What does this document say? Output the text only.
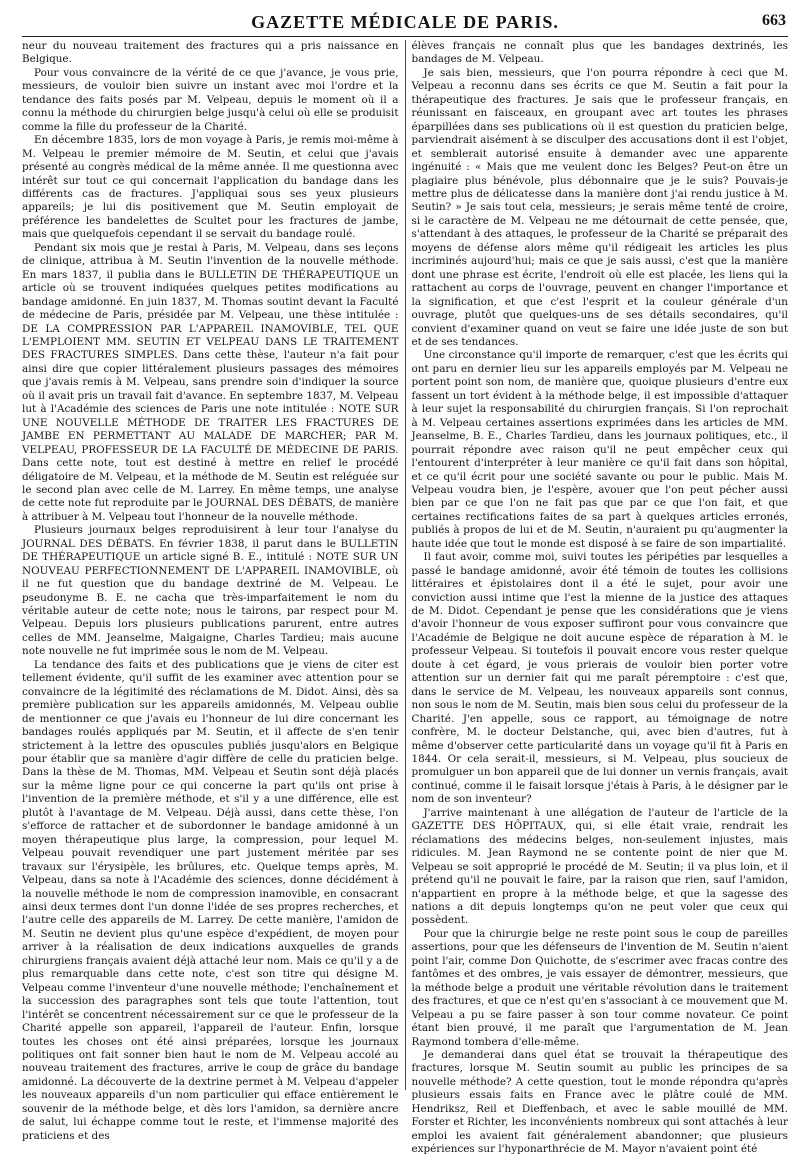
GAZETTE MÉDICALE DE PARIS.	663

neur du nouveau traitement des fractures qui a pris naissance en Belgique.

Pour vous convaincre de la vérité de ce que j'avance, je vous prie, messieurs, de vouloir bien suivre un instant avec moi l'ordre et la tendance des faits posés par M. Velpeau, depuis le moment où il a connu la méthode du chirurgien belge jusqu'à celui où elle se produisit comme la fille du professeur de la Charité.

En décembre 1835, lors de mon voyage à Paris, je remis moi-même à M. Velpeau le premier mémoire de M. Seutin, et celui que j'avais présenté au congrès médical de la même année. Il me questionna avec intérêt sur tout ce qui concernait l'application du bandage dans les différents cas de fractures. J'appliquai sous ses yeux plusieurs appareils; je lui dis positivement que M. Seutin employait de préférence les bandelettes de Scultet pour les fractures de jambe, mais que quelquefois cependant il se servait du bandage roulé.

Pendant six mois que je restai à Paris, M. Velpeau, dans ses leçons de clinique, attribua à M. Seutin l'invention de la nouvelle méthode. En mars 1837, il publia dans le BULLETIN DE THÉRAPEUTIQUE un article où se trouvent indiquées quelques petites modifications au bandage amidonné. En juin 1837, M. Thomas soutint devant la Faculté de médecine de Paris, présidée par M. Velpeau, une thèse intitulée : DE LA COMPRESSION PAR L'APPAREIL INAMOVIBLE, TEL QUE L'EMPLOIENT MM. SEUTIN ET VELPEAU DANS LE TRAITEMENT DES FRACTURES SIMPLES. Dans cette thèse, l'auteur n'a fait pour ainsi dire que copier littéralement plusieurs passages des mémoires que j'avais remis à M. Velpeau, sans prendre soin d'indiquer la source où il avait pris un travail fait d'avance. En septembre 1837, M. Velpeau lut à l'Académie des sciences de Paris une note intitulée : NOTE SUR UNE NOUVELLE MÉTHODE DE TRAITER LES FRACTURES DE JAMBE EN PERMETTANT AU MALADE DE MARCHER; PAR M. VELPEAU, PROFESSEUR DE LA FACULTÉ DE MÉDECINE DE PARIS. Dans cette note, tout est destiné à mettre en relief le procédé déligatoire de M. Velpeau, et la méthode de M. Seutin est reléguée sur le second plan avec celle de M. Larrey. En même temps, une analyse de cette note fut reproduite par le JOURNAL DES DÉBATS, de manière à attribuer à M. Velpeau tout l'honneur de la nouvelle méthode.

Plusieurs journaux belges reproduisirent à leur tour l'analyse du JOURNAL DES DÉBATS. En février 1838, il parut dans le BULLETIN DE THÉRAPEUTIQUE un article signé B. E., intitulé : NOTE SUR UN NOUVEAU PERFECTIONNEMENT DE L'APPAREIL INAMOVIBLE, où il ne fut question que du bandage dextriné de M. Velpeau. Le pseudonyme B. E. ne cacha que très-imparfaitement le nom du véritable auteur de cette note; nous le tairons, par respect pour M. Velpeau. Depuis lors plusieurs publications parurent, entre autres celles de MM. Jeanselme, Malgaigne, Charles Tardieu; mais aucune note nouvelle ne fut imprimée sous le nom de M. Velpeau.

La tendance des faits et des publications que je viens de citer est tellement évidente, qu'il suffit de les examiner avec attention pour se convaincre de la légitimité des réclamations de M. Didot. Ainsi, dès sa première publication sur les appareils amidonnés, M. Velpeau oublie de mentionner ce que j'avais eu l'honneur de lui dire concernant les bandages roulés appliqués par M. Seutin, et il affecte de s'en tenir strictement à la lettre des opuscules publiés jusqu'alors en Belgique pour établir que sa manière d'agir diffère de celle du praticien belge. Dans la thèse de M. Thomas, MM. Velpeau et Seutin sont déjà placés sur la même ligne pour ce qui concerne la part qu'ils ont prise à l'invention de la première méthode, et s'il y a une différence, elle est plutôt à l'avantage de M. Velpeau. Déjà aussi, dans cette thèse, l'on s'efforce de rattacher et de subordonner le bandage amidonné à un moyen thérapeutique plus large, la compression, pour lequel M. Velpeau pouvait revendiquer une part justement méritée par ses travaux sur l'érysipèle, les brûlures, etc. Quelque temps après, M. Velpeau, dans sa note à l'Académie des sciences, donne décidément à la nouvelle méthode le nom de compression inamovible, en consacrant ainsi deux termes dont l'un donne l'idée de ses propres recherches, et l'autre celle des appareils de M. Larrey. De cette manière, l'amidon de M. Seutin ne devient plus qu'une espèce d'expédient, de moyen pour arriver à la réalisation de deux indications auxquelles de grands chirurgiens français avaient déjà attaché leur nom. Mais ce qu'il y a de plus remarquable dans cette note, c'est son titre qui désigne M. Velpeau comme l'inventeur d'une nouvelle méthode; l'enchaînement et la succession des paragraphes sont tels que toute l'attention, tout l'intérêt se concentrent nécessairement sur ce que le professeur de la Charité appelle son appareil, l'appareil de l'auteur. Enfin, lorsque toutes les choses ont été ainsi préparées, lorsque les journaux politiques ont fait sonner bien haut le nom de M. Velpeau accolé au nouveau traitement des fractures, arrive le coup de grâce du bandage amidonné. La découverte de la dextrine permet à M. Velpeau d'appeler les nouveaux appareils d'un nom particulier qui efface entièrement le souvenir de la méthode belge, et dès lors l'amidon, sa dernière ancre de salut, lui échappe comme tout le reste, et l'immense majorité des praticiens et des

élèves français ne connaît plus que les bandages dextrinés, les bandages de M. Velpeau.

Je sais bien, messieurs, que l'on pourra répondre à ceci que M. Velpeau a reconnu dans ses écrits ce que M. Seutin a fait pour la thérapeutique des fractures. Je sais que le professeur français, en réunissant en faisceaux, en groupant avec art toutes les phrases éparpillées dans ses publications où il est question du praticien belge, parviendrait aisément à se disculper des accusations dont il est l'objet, et semblerait autorisé ensuite à demander avec une apparente ingénuité : « Mais que me veulent donc les Belges? Peut-on être un plagiaire plus bénévole, plus débonnaire que je le suis? Pouvais-je mettre plus de délicatesse dans la manière dont j'ai rendu justice à M. Seutin? » Je sais tout cela, messieurs; je serais même tenté de croire, si le caractère de M. Velpeau ne me détournait de cette pensée, que, s'attendant à des attaques, le professeur de la Charité se préparait des moyens de défense alors même qu'il rédigeait les articles les plus incriminés aujourd'hui; mais ce que je sais aussi, c'est que la manière dont une phrase est écrite, l'endroit où elle est placée, les liens qui la rattachent au corps de l'ouvrage, peuvent en changer l'importance et la signification, et que c'est l'esprit et la couleur générale d'un ouvrage, plutôt que quelques-uns de ses détails secondaires, qu'il convient d'examiner quand on veut se faire une idée juste de son but et de ses tendances.

Une circonstance qu'il importe de remarquer, c'est que les écrits qui ont paru en dernier lieu sur les appareils employés par M. Velpeau ne portent point son nom, de manière que, quoique plusieurs d'entre eux fassent un tort évident à la méthode belge, il est impossible d'attaquer à leur sujet la responsabilité du chirurgien français. Si l'on reprochait à M. Velpeau certaines assertions exprimées dans les articles de MM. Jeanselme, B. E., Charles Tardieu, dans les journaux politiques, etc., il pourrait répondre avec raison qu'il ne peut empêcher ceux qui l'entourent d'interpréter à leur manière ce qu'il fait dans son hôpital, et ce qu'il écrit pour une société savante ou pour le public. Mais M. Velpeau voudra bien, je l'espère, avouer que l'on peut pécher aussi bien par ce que l'on ne fait pas que par ce que l'on fait, et que certaines rectifications faites de sa part à quelques articles erronés, publiés à propos de lui et de M. Seutin, n'auraient pu qu'augmenter la haute idée que tout le monde est disposé à se faire de son impartialité.

Il faut avoir, comme moi, suivi toutes les péripéties par lesquelles a passé le bandage amidonné, avoir été témoin de toutes les collisions littéraires et épistolaires dont il a été le sujet, pour avoir une conviction aussi intime que l'est la mienne de la justice des attaques de M. Didot. Cependant je pense que les considérations que je viens d'avoir l'honneur de vous exposer suffiront pour vous convaincre que l'Académie de Belgique ne doit aucune espèce de réparation à M. le professeur Velpeau. Si toutefois il pouvait encore vous rester quelque doute à cet égard, je vous prierais de vouloir bien porter votre attention sur un dernier fait qui me paraît péremptoire : c'est que, dans le service de M. Velpeau, les nouveaux appareils sont connus, non sous le nom de M. Seutin, mais bien sous celui du professeur de la Charité. J'en appelle, sous ce rapport, au témoignage de notre confrère, M. le docteur Delstanche, qui, avec bien d'autres, fut à même d'observer cette particularité dans un voyage qu'il fit à Paris en 1844. Or cela serait-il, messieurs, si M. Velpeau, plus soucieux de promulguer un bon appareil que de lui donner un vernis français, avait continué, comme il le faisait lorsque j'étais à Paris, à le désigner par le nom de son inventeur?

J'arrive maintenant à une allégation de l'auteur de l'article de la GAZETTE DES HÔPITAUX, qui, si elle était vraie, rendrait les réclamations des médecins belges, non-seulement injustes, mais ridicules. M. Jean Raymond ne se contente point de nier que M. Velpeau se soit approprié le procédé de M. Seutin; il va plus loin, et il prétend qu'il ne pouvait le faire, par la raison que rien, sauf l'amidon, n'appartient en propre à la méthode belge, et que la sagesse des nations a dit depuis longtemps qu'on ne peut voler que ceux qui possèdent.

Pour que la chirurgie belge ne reste point sous le coup de pareilles assertions, pour que les défenseurs de l'invention de M. Seutin n'aient point l'air, comme Don Quichotte, de s'escrimer avec fracas contre des fantômes et des ombres, je vais essayer de démontrer, messieurs, que la méthode belge a produit une véritable révolution dans le traitement des fractures, et que ce n'est qu'en s'associant à ce mouvement que M. Velpeau a pu se faire passer à son tour comme novateur. Ce point étant bien prouvé, il me paraît que l'argumentation de M. Jean Raymond tombera d'elle-même.

Je demanderai dans quel état se trouvait la thérapeutique des fractures, lorsque M. Seutin soumit au public les principes de sa nouvelle méthode? A cette question, tout le monde répondra qu'après plusieurs essais faits en France avec le plâtre coulé de MM. Hendriksz, Reil et Dieffenbach, et avec le sable mouillé de MM. Forster et Richter, les inconvénients nombreux qui sont attachés à leur emploi les avaient fait généralement abandonner; que plusieurs expériences sur l'hyponarthrécie de M. Mayor n'avaient point été
